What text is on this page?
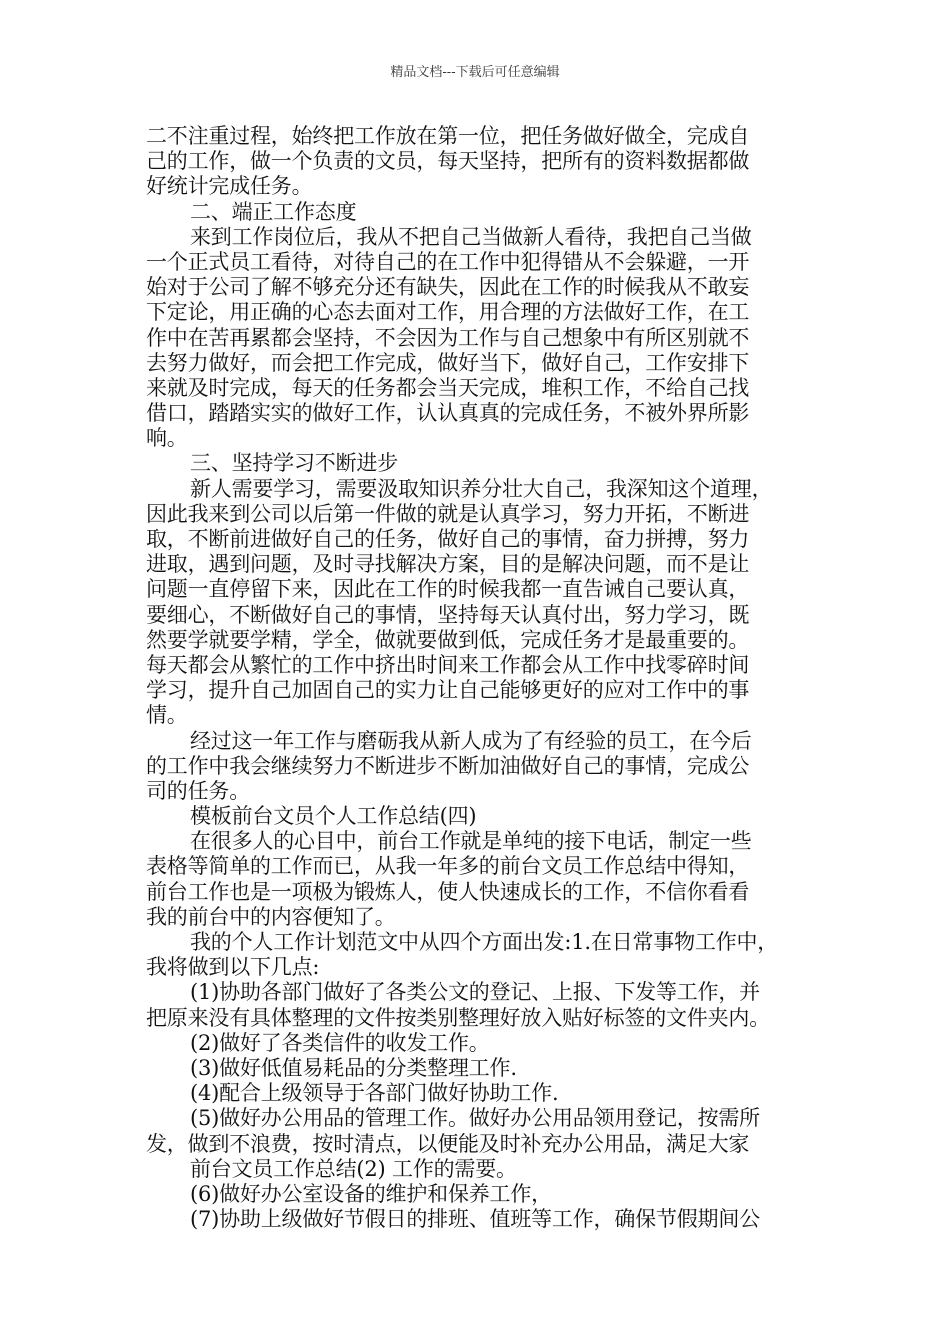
精品文档---下载后可任意编辑
二不注重过程，始终把工作放在第一位，把任务做好做全，完成自
己的工作，做一个负责的文员，每天坚持，把所有的资料数据都做
好统计完成任务。
二、端正工作态度
来到工作岗位后，我从不把自己当做新人看待，我把自己当做
一个正式员工看待，对待自己的在工作中犯得错从不会躲避，一开
始对于公司了解不够充分还有缺失，因此在工作的时候我从不敢妄
下定论，用正确的心态去面对工作，用合理的方法做好工作，在工
作中在苦再累都会坚持，不会因为工作与自己想象中有所区别就不
去努力做好，而会把工作完成，做好当下，做好自己，工作安排下
来就及时完成，每天的任务都会当天完成，堆积工作，不给自己找
借口，踏踏实实的做好工作，认认真真的完成任务，不被外界所影
响。
三、坚持学习不断进步
新人需要学习，需要汲取知识养分壮大自己，我深知这个道理，
因此我来到公司以后第一件做的就是认真学习，努力开拓，不断进
取，不断前进做好自己的任务，做好自己的事情，奋力拼搏，努力
进取，遇到问题，及时寻找解决方案，目的是解决问题，而不是让
问题一直停留下来，因此在工作的时候我都一直告诫自己要认真，
要细心，不断做好自己的事情，坚持每天认真付出，努力学习，既
然要学就要学精，学全，做就要做到低，完成任务才是最重要的。
每天都会从繁忙的工作中挤出时间来工作都会从工作中找零碎时间
学习，提升自己加固自己的实力让自己能够更好的应对工作中的事
情。
经过这一年工作与磨砺我从新人成为了有经验的员工，在今后
的工作中我会继续努力不断进步不断加油做好自己的事情，完成公
司的任务。
模板前台文员个人工作总结(四)
在很多人的心目中，前台工作就是单纯的接下电话，制定一些
表格等简单的工作而已，从我一年多的前台文员工作总结中得知，
前台工作也是一项极为锻炼人，使人快速成长的工作，不信你看看
我的前台中的内容便知了。
我的个人工作计划范文中从四个方面出发:1.在日常事物工作中，
我将做到以下几点:
(1)协助各部门做好了各类公文的登记、上报、下发等工作，并
把原来没有具体整理的文件按类别整理好放入贴好标签的文件夹内。
(2)做好了各类信件的收发工作。
(3)做好低值易耗品的分类整理工作.
(4)配合上级领导于各部门做好协助工作.
(5)做好办公用品的管理工作。做好办公用品领用登记，按需所
发，做到不浪费，按时清点，以便能及时补充办公用品，满足大家
前台文员工作总结(2) 工作的需要。
(6)做好办公室设备的维护和保养工作，
(7)协助上级做好节假日的排班、值班等工作，确保节假期间公
